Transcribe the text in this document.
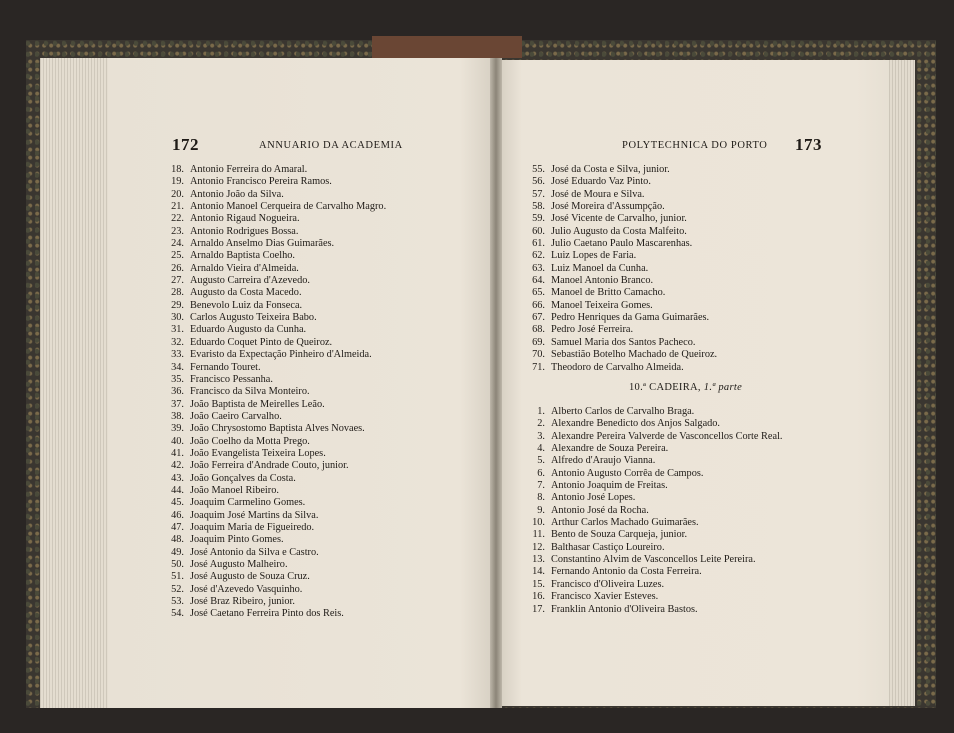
172	ANNUARIO DA ACADEMIA	POLYTECHNICA DO PORTO 173
18. Antonio Ferreira do Amaral.
19. Antonio Francisco Pereira Ramos.
20. Antonio João da Silva.
21. Antonio Manoel Cerqueira de Carvalho Magro.
22. Antonio Rigaud Nogueira.
23. Antonio Rodrigues Bossa.
24. Arnaldo Anselmo Dias Guimarães.
25. Arnaldo Baptista Coelho.
26. Arnaldo Vieira d'Almeida.
27. Augusto Carreira d'Azevedo.
28. Augusto da Costa Macedo.
29. Benevolo Luiz da Fonseca.
30. Carlos Augusto Teixeira Babo.
31. Eduardo Augusto da Cunha.
32. Eduardo Coquet Pinto de Queiroz.
33. Evaristo da Expectação Pinheiro d'Almeida.
34. Fernando Touret.
35. Francisco Pessanha.
36. Francisco da Silva Monteiro.
37. João Baptista de Meirelles Leão.
38. João Caeiro Carvalho.
39. João Chrysostomo Baptista Alves Novaes.
40. João Coelho da Motta Prego.
41. João Evangelista Teixeira Lopes.
42. João Ferreira d'Andrade Couto, junior.
43. João Gonçalves da Costa.
44. João Manoel Ribeiro.
45. Joaquim Carmelino Gomes.
46. Joaquim José Martins da Silva.
47. Joaquim Maria de Figueiredo.
48. Joaquim Pinto Gomes.
49. José Antonio da Silva e Castro.
50. José Augusto Malheiro.
51. José Augusto de Souza Cruz.
52. José d'Azevedo Vasquinho.
53. José Braz Ribeiro, junior.
54. José Caetano Ferreira Pinto dos Reis.
55. José da Costa e Silva, junior.
56. José Eduardo Vaz Pinto.
57. José de Moura e Silva.
58. José Moreira d'Assumpção.
59. José Vicente de Carvalho, junior.
60. Julio Augusto da Costa Malfeito.
61. Julio Caetano Paulo Mascarenhas.
62. Luiz Lopes de Faria.
63. Luiz Manoel da Cunha.
64. Manoel Antonio Branco.
65. Manoel de Britto Camacho.
66. Manoel Teixeira Gomes.
67. Pedro Henriques da Gama Guimarães.
68. Pedro José Ferreira.
69. Samuel Maria dos Santos Pacheco.
70. Sebastião Botelho Machado de Queiroz.
71. Theodoro de Carvalho Almeida.
10.ª CADEIRA, 1.ª parte
1. Alberto Carlos de Carvalho Braga.
2. Alexandre Benedicto dos Anjos Salgado.
3. Alexandre Pereira Valverde de Vasconcellos Corte Real.
4. Alexandre de Souza Pereira.
5. Alfredo d'Araujo Vianna.
6. Antonio Augusto Corrêa de Campos.
7. Antonio Joaquim de Freitas.
8. Antonio José Lopes.
9. Antonio José da Rocha.
10. Arthur Carlos Machado Guimarães.
11. Bento de Souza Carqueja, junior.
12. Balthasar Castiço Loureiro.
13. Constantino Alvim de Vasconcellos Leite Pereira.
14. Fernando Antonio da Costa Ferreira.
15. Francisco d'Oliveira Luzes.
16. Francisco Xavier Esteves.
17. Franklin Antonio d'Oliveira Bastos.
